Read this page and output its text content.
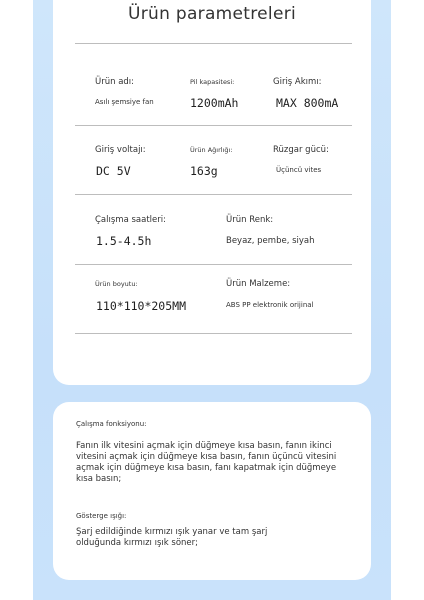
Ürün parametreleri
Ürün adı:
Asılı şemsiye fan
Pil kapasitesi:
1200mAh
Giriş Akımı:
MAX 800mA
Giriş voltajı:
DC 5V
Ürün Ağırlığı:
163g
Rüzgar gücü:
Üçüncü vites
Çalışma saatleri:
1.5-4.5h
Ürün Renk:
Beyaz, pembe, siyah
Ürün boyutu:
110*110*205MM
Ürün Malzeme:
ABS PP elektronik orijinal
Çalışma fonksiyonu:
Fanın ilk vitesini açmak için düğmeye kısa basın, fanın ikinci
vitesini açmak için düğmeye kısa basın, fanın üçüncü vitesini
açmak için düğmeye kısa basın, fanı kapatmak için düğmeye
kısa basın;
Gösterge ışığı:
Şarj edildiğinde kırmızı ışık yanar ve tam şarj
olduğunda kırmızı ışık söner;
